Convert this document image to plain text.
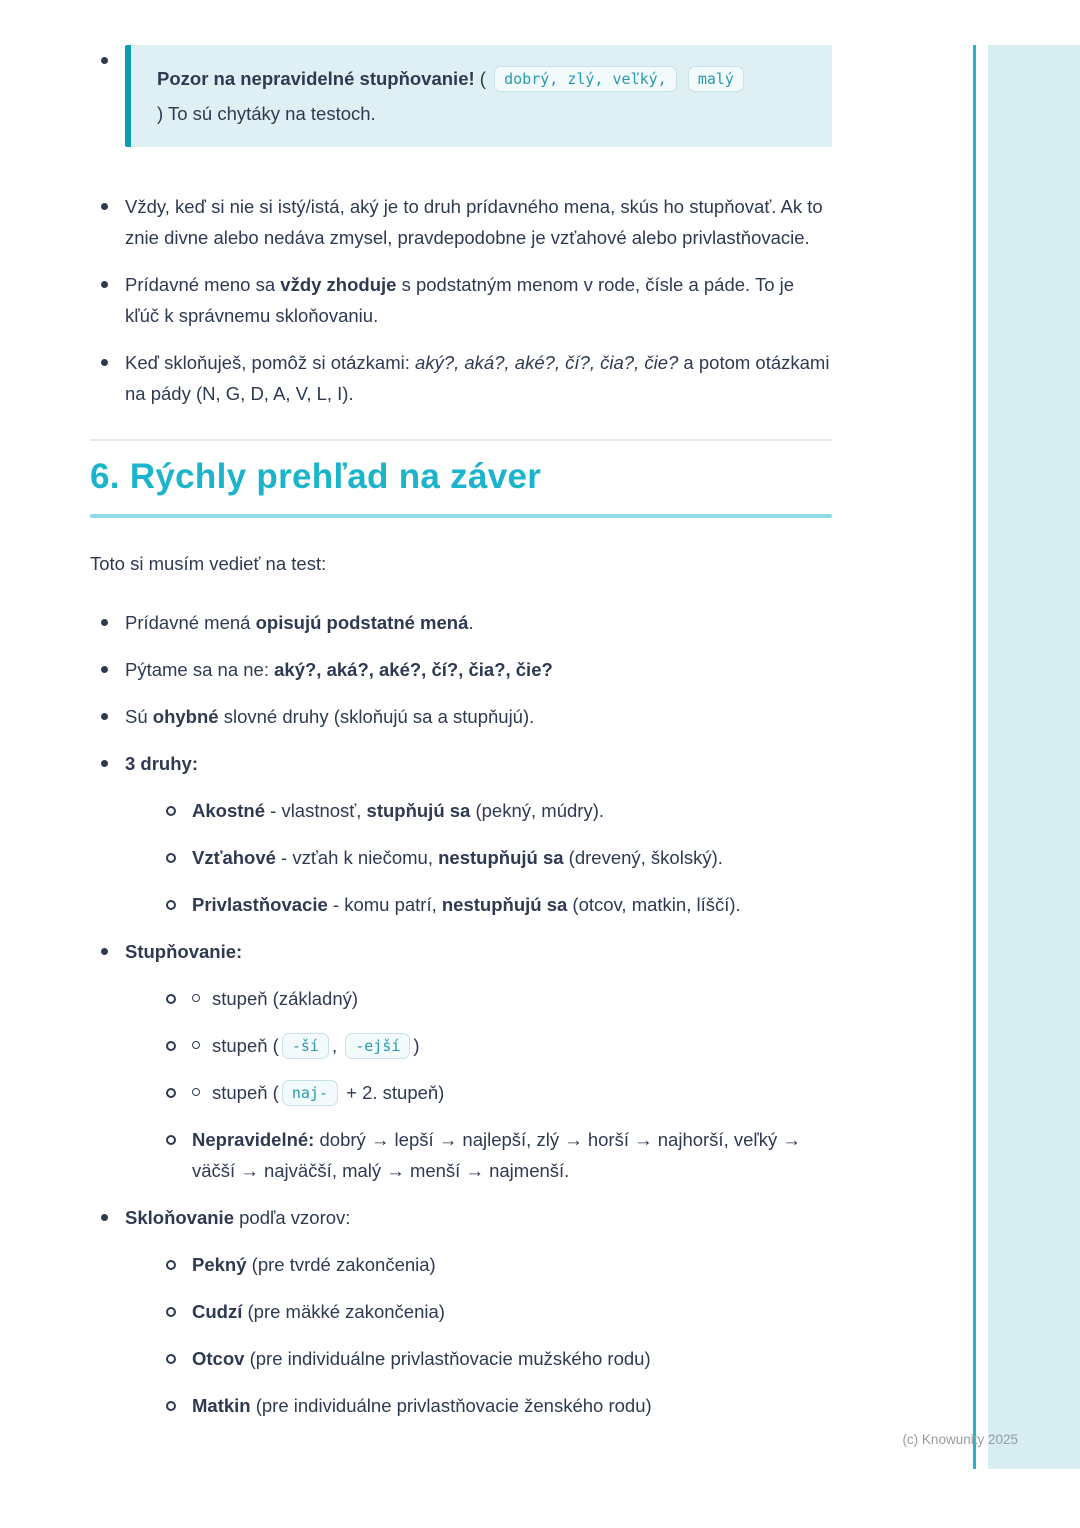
(c) Knowunity 2025

Pozor na nepravidelné stupňovanie! ( dobrý, zlý, veľký, malý ) To sú chytáky na testoch.

Vždy, keď si nie si istý/istá, aký je to druh prídavného mena, skús ho stupňovať. Ak to znie divne alebo nedáva zmysel, pravdepodobne je vzťahové alebo privlastňovacie.

Prídavné meno sa vždy zhoduje s podstatným menom v rode, čísle a páde. To je kľúč k správnemu skloňovaniu.

Keď skloňuješ, pomôž si otázkami: aký?, aká?, aké?, čí?, čia?, čie? a potom otázkami na pády (N, G, D, A, V, L, I).

6. Rýchly prehľad na záver

Toto si musím vedieť na test:

Prídavné mená opisujú podstatné mená.

Pýtame sa na ne: aký?, aká?, aké?, čí?, čia?, čie?

Sú ohybné slovné druhy (skloňujú sa a stupňujú).

3 druhy:

Akostné - vlastnosť, stupňujú sa (pekný, múdry).

Vzťahové - vzťah k niečomu, nestupňujú sa (drevený, školský).

Privlastňovacie - komu patrí, nestupňujú sa (otcov, matkin, líščí).

Stupňovanie:

stupeň (základný)

stupeň ( -ší , -ejší )

stupeň ( naj- + 2. stupeň)

Nepravidelné: dobrý → lepší → najlepší, zlý → horší → najhorší, veľký → väčší → najväčší, malý → menší → najmenší.

Skloňovanie podľa vzorov:

Pekný (pre tvrdé zakončenia)

Cudzí (pre mäkké zakončenia)

Otcov (pre individuálne privlastňovacie mužského rodu)

Matkin (pre individuálne privlastňovacie ženského rodu)
